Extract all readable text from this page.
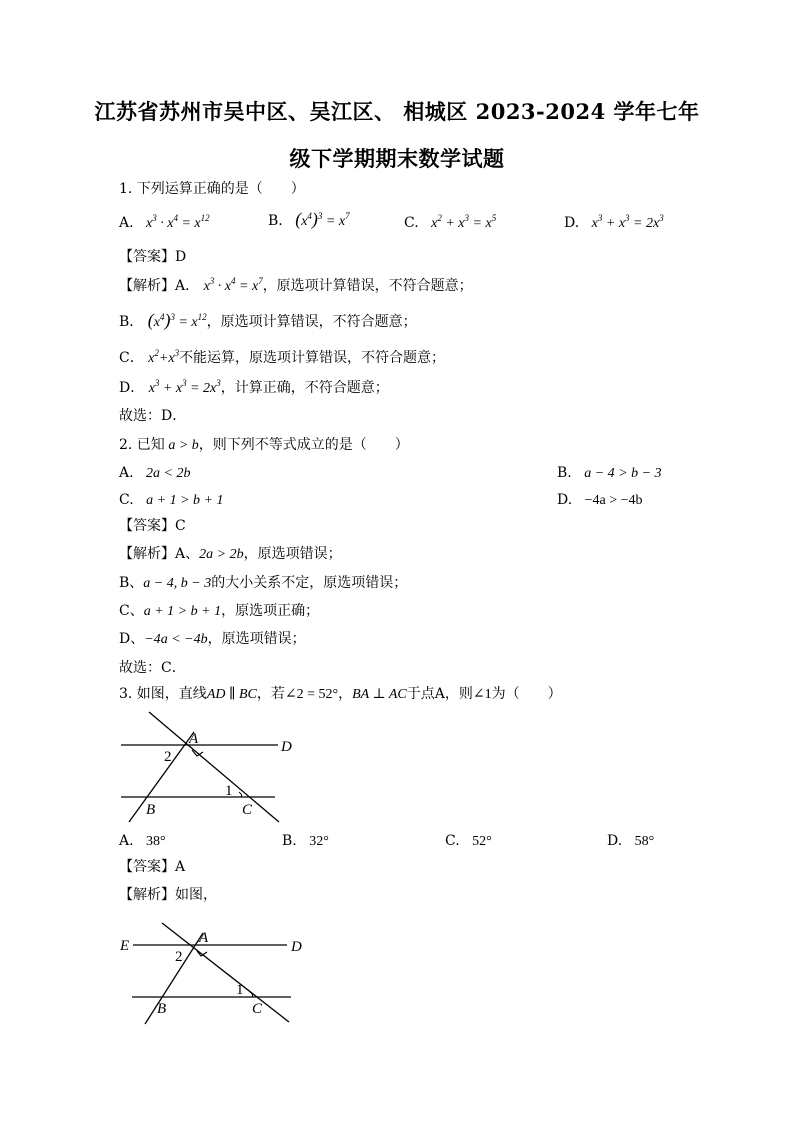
江苏省苏州市吴中区、吴江区、 相城区 2023-2024 学年七年
级下学期期末数学试题
1. 下列运算正确的是（　　）
A. $x^3 \cdot x^4 = x^{12}$	B. $(x^4)^3 = x^7$	C. $x^2 + x^3 = x^5$	D. $x^3 + x^3 = 2x^3$
【答案】D
【解析】A． $x^3 \cdot x^4 = x^7$，原选项计算错误，不符合题意；
B． $(x^4)^3 = x^{12}$，原选项计算错误，不符合题意；
C． $x^2+x^3$不能运算，原选项计算错误，不符合题意；
D． $x^3 + x^3 = 2x^3$，计算正确，不符合题意；
故选：D．
2. 已知 a > b，则下列不等式成立的是（　　）
A. 2a < 2b	B. a − 4 > b − 3
C. a + 1 > b + 1	D. −4a > −4b
【答案】C
【解析】A、2a > 2b，原选项错误；
B、a − 4, b − 3的大小关系不定，原选项错误；
C、a + 1 > b + 1，原选项正确；
D、−4a < −4b，原选项错误；
故选：C．
3. 如图，直线AD ∥ BC，若∠2 = 52°，BA ⊥ AC于点A，则∠1为（　　）
A	D
B	C
1
2
A. 38°	B. 32°	C. 52°	D. 58°
【答案】A
【解析】如图，
E	A
D
B	C
1
2
